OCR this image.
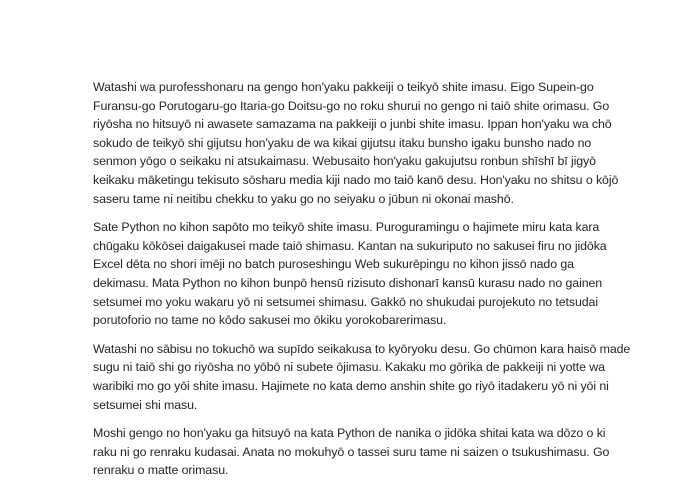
Watashi wa purofesshonaru na gengo hon'yaku pakkeiji o teikyō shite imasu. Eigo Supein-go
Furansu-go Porutogaru-go Itaria-go Doitsu-go no roku shurui no gengo ni taiō shite orimasu. Go
riyōsha no hitsuyō ni awasete samazama na pakkeiji o junbi shite imasu. Ippan hon'yaku wa chō
sokudo de teikyō shi gijutsu hon'yaku de wa kikai gijutsu itaku bunsho igaku bunsho nado no
senmon yōgo o seikaku ni atsukaimasu. Webusaito hon'yaku gakujutsu ronbun shīshī bī jigyō
keikaku māketingu tekisuto sōsharu media kiji nado mo taiō kanō desu. Hon'yaku no shitsu o kōjō
saseru tame ni neitibu chekku to yaku go no seiyaku o jūbun ni okonai mashō.

Sate Python no kihon sapōto mo teikyō shite imasu. Puroguramingu o hajimete miru kata kara
chūgaku kōkōsei daigakusei made taiō shimasu. Kantan na sukuriputo no sakusei firu no jidōka
Excel dēta no shori imēji no batch puroseshingu Web sukurēpingu no kihon jissō nado ga
dekimasu. Mata Python no kihon bunpō hensū rizisuto dishonarī kansū kurasu nado no gainen
setsumei mo yoku wakaru yō ni setsumei shimasu. Gakkō no shukudai purojekuto no tetsudai
porutoforio no tame no kōdo sakusei mo ōkiku yorokobarerimasu.

Watashi no sābisu no tokuchō wa supīdo seikakusa to kyōryoku desu. Go chūmon kara haisō made
sugu ni taiō shi go riyōsha no yōbō ni subete ōjimasu. Kakaku mo gōrika de pakkeiji ni yotte wa
waribiki mo go yōi shite imasu. Hajimete no kata demo anshin shite go riyō itadakeru yō ni yōi ni
setsumei shi masu.

Moshi gengo no hon'yaku ga hitsuyō na kata Python de nanika o jidōka shitai kata wa dōzo o ki
raku ni go renraku kudasai. Anata no mokuhyō o tassei suru tame ni saizen o tsukushimasu. Go
renraku o matte orimasu.
